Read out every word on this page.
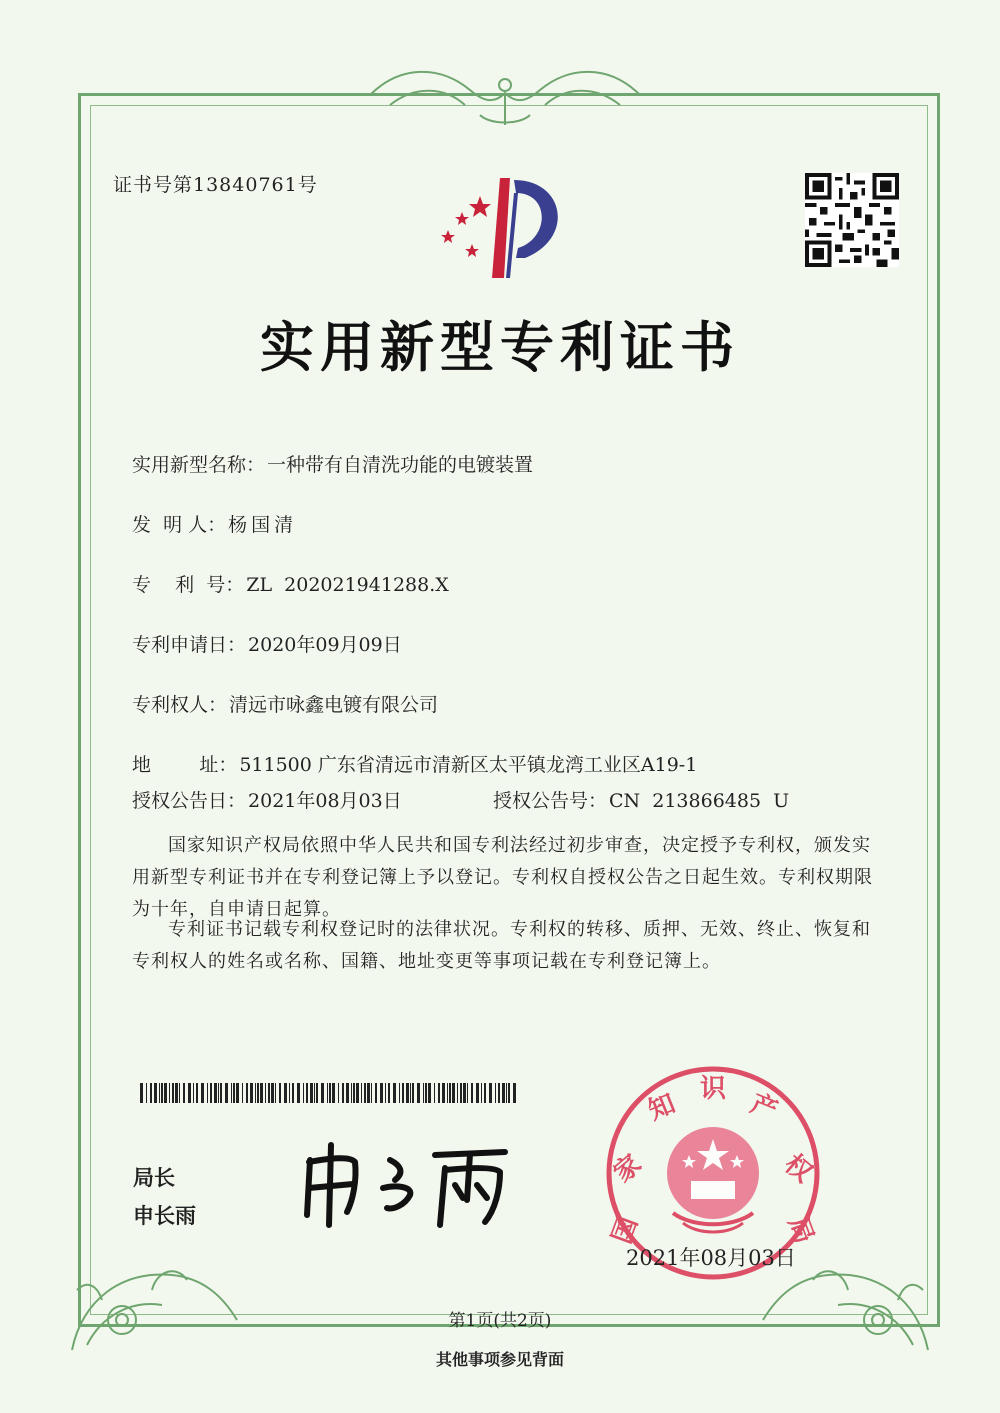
证书号第13840761号
实用新型专利证书
实用新型名称： 一种带有自清洗功能的电镀装置
发  明 人： 杨国清
专    利  号： ZL  202021941288.X
专利申请日： 2020年09月09日
专利权人： 清远市咏鑫电镀有限公司
地        址： 511500 广东省清远市清新区太平镇龙湾工业区A19-1
授权公告日： 2021年08月03日	授权公告号： CN  213866485  U
国家知识产权局依照中华人民共和国专利法经过初步审查，决定授予专利权，颁发实用新型专利证书并在专利登记簿上予以登记。专利权自授权公告之日起生效。专利权期限为十年，自申请日起算。
专利证书记载专利权登记时的法律状况。专利权的转移、质押、无效、终止、恢复和专利权人的姓名或名称、国籍、地址变更等事项记载在专利登记簿上。
局长
申长雨	国
家
知 识 产
权
局
2021年08月03日
第1页(共2页)
其他事项参见背面
